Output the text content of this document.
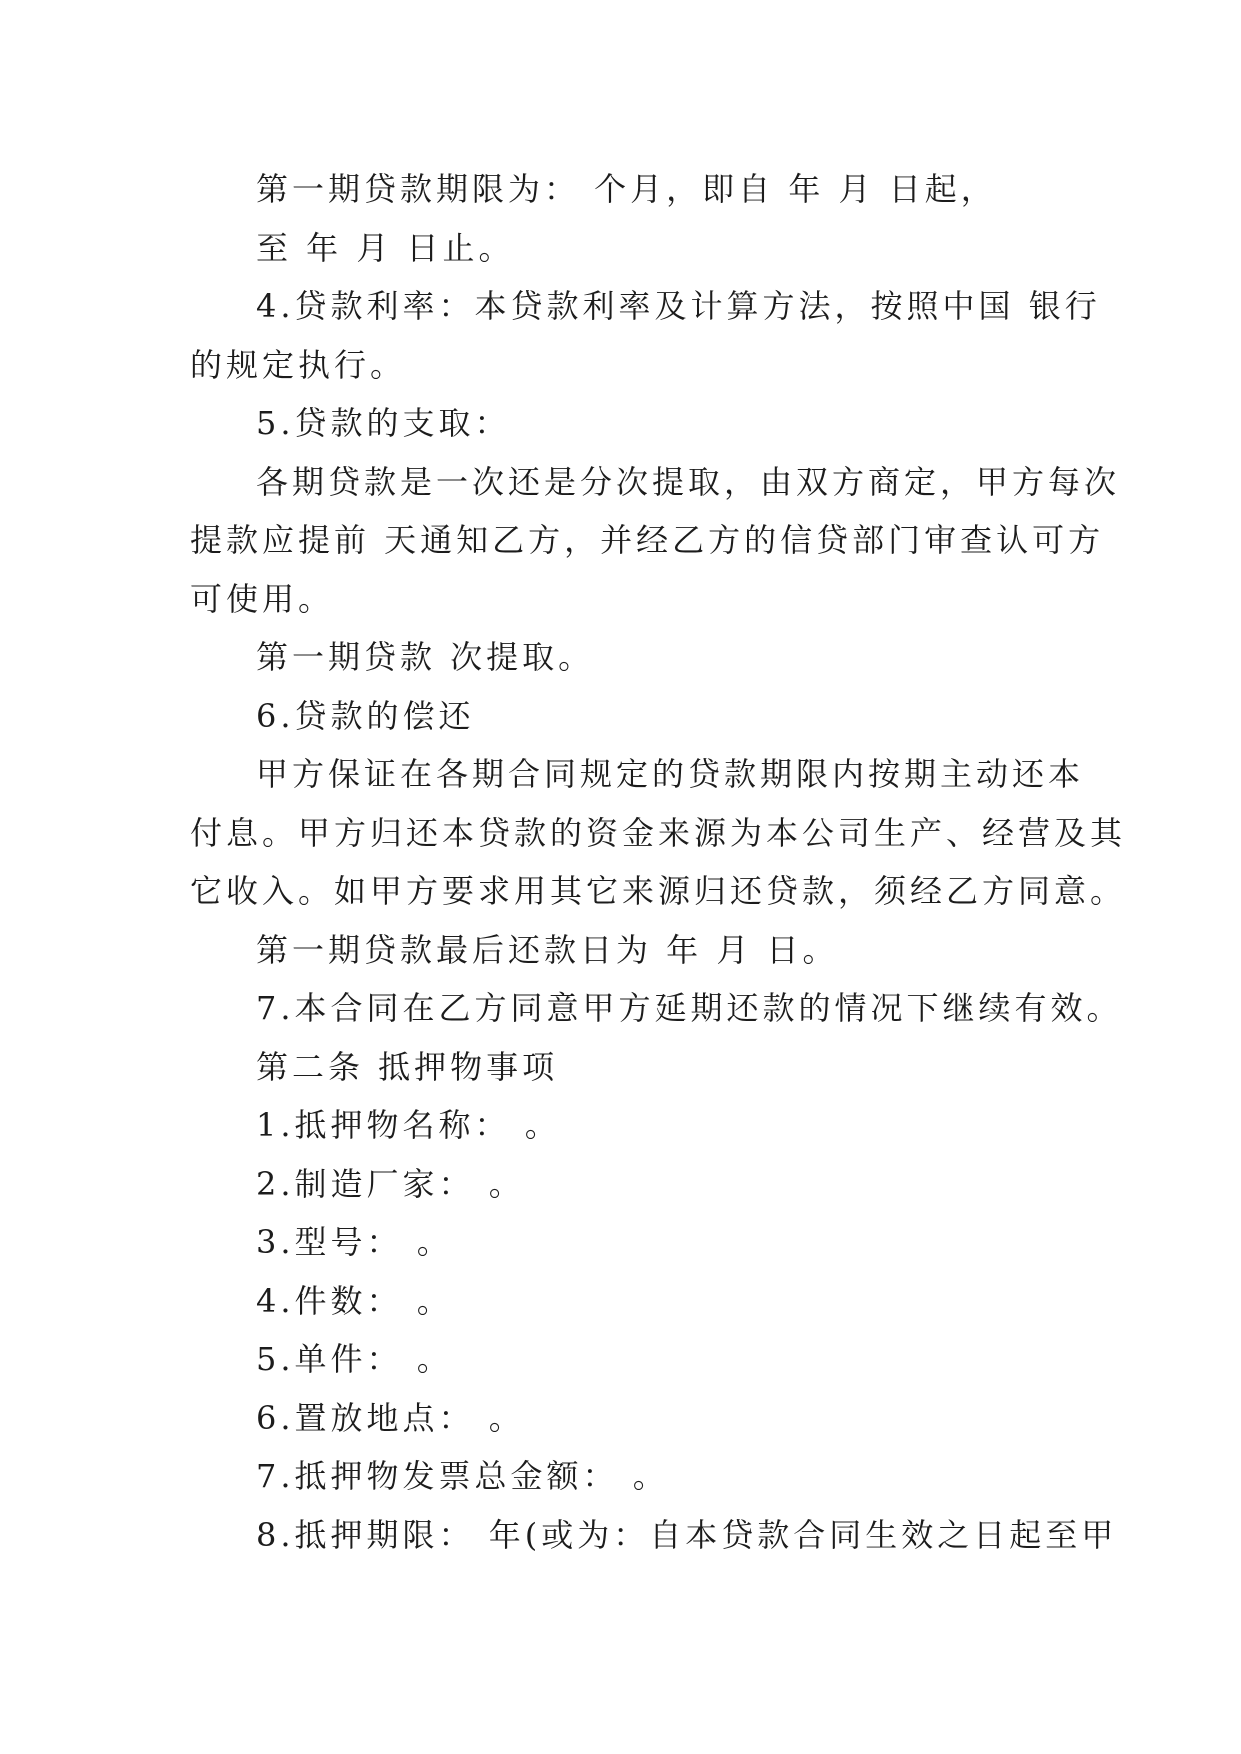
第一期贷款期限为： 个月，即自 年 月 日起，

至 年 月 日止。

4.贷款利率：本贷款利率及计算方法，按照中国 银行

的规定执行。

5.贷款的支取：

各期贷款是一次还是分次提取，由双方商定，甲方每次

提款应提前 天通知乙方，并经乙方的信贷部门审查认可方

可使用。

第一期贷款 次提取。

6.贷款的偿还

甲方保证在各期合同规定的贷款期限内按期主动还本

付息。甲方归还本贷款的资金来源为本公司生产、经营及其

它收入。如甲方要求用其它来源归还贷款，须经乙方同意。

第一期贷款最后还款日为 年 月 日。

7.本合同在乙方同意甲方延期还款的情况下继续有效。

第二条 抵押物事项

1.抵押物名称： 。

2.制造厂家： 。

3.型号： 。

4.件数： 。

5.单件： 。

6.置放地点： 。

7.抵押物发票总金额： 。

8.抵押期限： 年(或为：自本贷款合同生效之日起至甲
